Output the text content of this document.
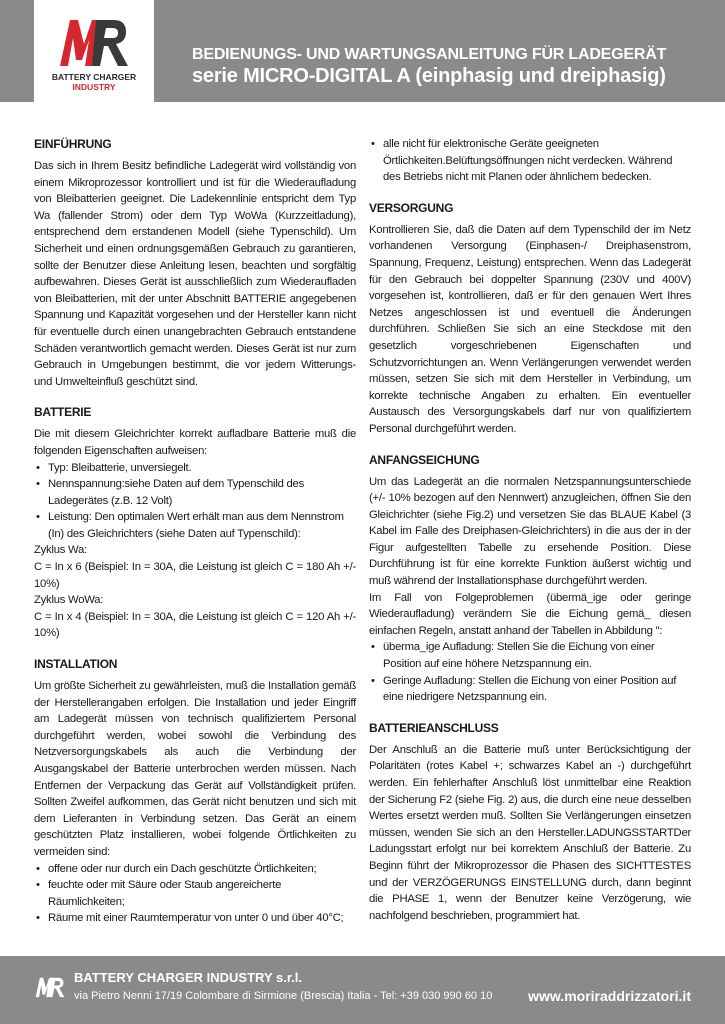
BATTERY CHARGER
INDUSTRY
BEDIENUNGS- UND WARTUNGSANLEITUNG FÜR LADEGERÄT
serie MICRO-DIGITAL A (einphasig und dreiphasig)
EINFÜHRUNG

Das sich in Ihrem Besitz befindliche Ladegerät wird vollständig von einem Mikroprozessor kontrolliert und ist für die Wiederaufladung von Bleibatterien geeignet. Die Ladekennlinie entspricht dem Typ Wa (fallender Strom) oder dem Typ WoWa (Kurzzeitladung), entsprechend dem erstandenen Modell (siehe Typenschild). Um Sicherheit und einen ordnungsgemäßen Gebrauch zu garantieren, sollte der Benutzer diese Anleitung lesen, beachten und sorgfältig aufbewahren. Dieses Gerät ist ausschließlich zum Wiederaufladen von Bleibatterien, mit der unter Abschnitt BATTERIE angegebenen Spannung und Kapazität vorgesehen und der Hersteller kann nicht für eventuelle durch einen unangebrachten Gebrauch entstandene Schäden verantwortlich gemacht werden. Dieses Gerät ist nur zum Gebrauch in Umgebungen bestimmt, die vor jedem Witterungs- und Umwelteinfluß geschützt sind.

BATTERIE

Die mit diesem Gleichrichter korrekt aufladbare Batterie muß die folgenden Eigenschaften aufweisen:

• Typ: Bleibatterie, unversiegelt.
• Nennspannung:siehe Daten auf dem Typenschild des Ladegerätes (z.B. 12 Volt)
• Leistung: Den optimalen Wert erhält man aus dem Nennstrom (In) des Gleichrichters (siehe Daten auf Typenschild):

Zyklus Wa:

C = In x 6 (Beispiel: In = 30A, die Leistung ist gleich C = 180 Ah +/- 10%)

Zyklus WoWa:

C = In x 4 (Beispiel: In = 30A, die Leistung ist gleich C = 120 Ah +/- 10%)

INSTALLATION

Um größte Sicherheit zu gewährleisten, muß die Installation gemäß der Herstellerangaben erfolgen. Die Installation und jeder Eingriff am Ladegerät müssen von technisch qualifiziertem Personal durchgeführt werden, wobei sowohl die Verbindung des Netzversorgungskabels als auch die Verbindung der Ausgangskabel der Batterie unterbrochen werden müssen. Nach Entfernen der Verpackung das Gerät auf Vollständigkeit prüfen. Sollten Zweifel aufkommen, das Gerät nicht benutzen und sich mit dem Lieferanten in Verbindung setzen. Das Gerät an einem geschützten Platz installieren, wobei folgende Örtlichkeiten zu vermeiden sind:

• offene oder nur durch ein Dach geschützte Örtlichkeiten;
• feuchte oder mit Säure oder Staub angereicherte Räumlichkeiten;
• Räume mit einer Raumtemperatur von unter 0 und über 40°C;
• alle nicht für elektronische Geräte geeigneten Örtlichkeiten.Belüftungsöffnungen nicht verdecken. Während des Betriebs nicht mit Planen oder ähnlichem bedecken.
VERSORGUNG

Kontrollieren Sie, daß die Daten auf dem Typenschild der im Netz vorhandenen Versorgung (Einphasen-/ Dreiphasenstrom, Spannung, Frequenz, Leistung) entsprechen. Wenn das Ladegerät für den Gebrauch bei doppelter Spannung (230V und 400V) vorgesehen ist, kontrollieren, daß er für den genauen Wert Ihres Netzes angeschlossen ist und eventuell die Änderungen durchführen. Schließen Sie sich an eine Steckdose mit den gesetzlich vorgeschriebenen Eigenschaften und Schutzvorrichtungen an. Wenn Verlängerungen verwendet werden müssen, setzen Sie sich mit dem Hersteller in Verbindung, um korrekte technische Angaben zu erhalten. Ein eventueller Austausch des Versorgungskabels darf nur von qualifiziertem Personal durchgeführt werden.

ANFANGSEICHUNG

Um das Ladegerät an die normalen Netzspannungsunterschiede (+/- 10% bezogen auf den Nennwert) anzugleichen, öffnen Sie den Gleichrichter (siehe Fig.2) und versetzen Sie das BLAUE Kabel (3 Kabel im Falle des Dreiphasen-Gleichrichters) in die aus der in der Figur aufgestellten Tabelle zu ersehende Position. Diese Durchführung ist für eine korrekte Funktion äußerst wichtig und muß während der Installationsphase durchgeführt werden.

Im Fall von Folgeproblemen (übermä_ige oder geringe Wiederaufladung) verändern Sie die Eichung gemä_ diesen einfachen Regeln, anstatt anhand der Tabellen in Abbildung ":

• überma_ige Aufladung: Stellen Sie die Eichung von einer Position auf eine höhere Netzspannung ein.
• Geringe Aufladung: Stellen die Eichung von einer Position auf eine niedrigere Netzspannung ein.
BATTERIEANSCHLUSS

Der Anschluß an die Batterie muß unter Berücksichtigung der Polaritäten (rotes Kabel +; schwarzes Kabel an -) durchgeführt werden. Ein fehlerhafter Anschluß löst unmittelbar eine Reaktion der Sicherung F2 (siehe Fig. 2) aus, die durch eine neue desselben Wertes ersetzt werden muß. Sollten Sie Verlängerungen einsetzen müssen, wenden Sie sich an den Hersteller.LADUNGSSTARTDer Ladungsstart erfolgt nur bei korrektem Anschluß der Batterie. Zu Beginn führt der Mikroprozessor die Phasen des SICHTTESTES und der VERZÖGERUNGS EINSTELLUNG durch, dann beginnt die PHASE 1, wenn der Benutzer keine Verzögerung, wie nachfolgend beschrieben, programmiert hat.

BATTERY CHARGER INDUSTRY s.r.l.
via Pietro Nenni 17/19 Colombare di Sirmione (Brescia) Italia - Tel: +39 030 990 60 10	www.moriraddrizzatori.it
